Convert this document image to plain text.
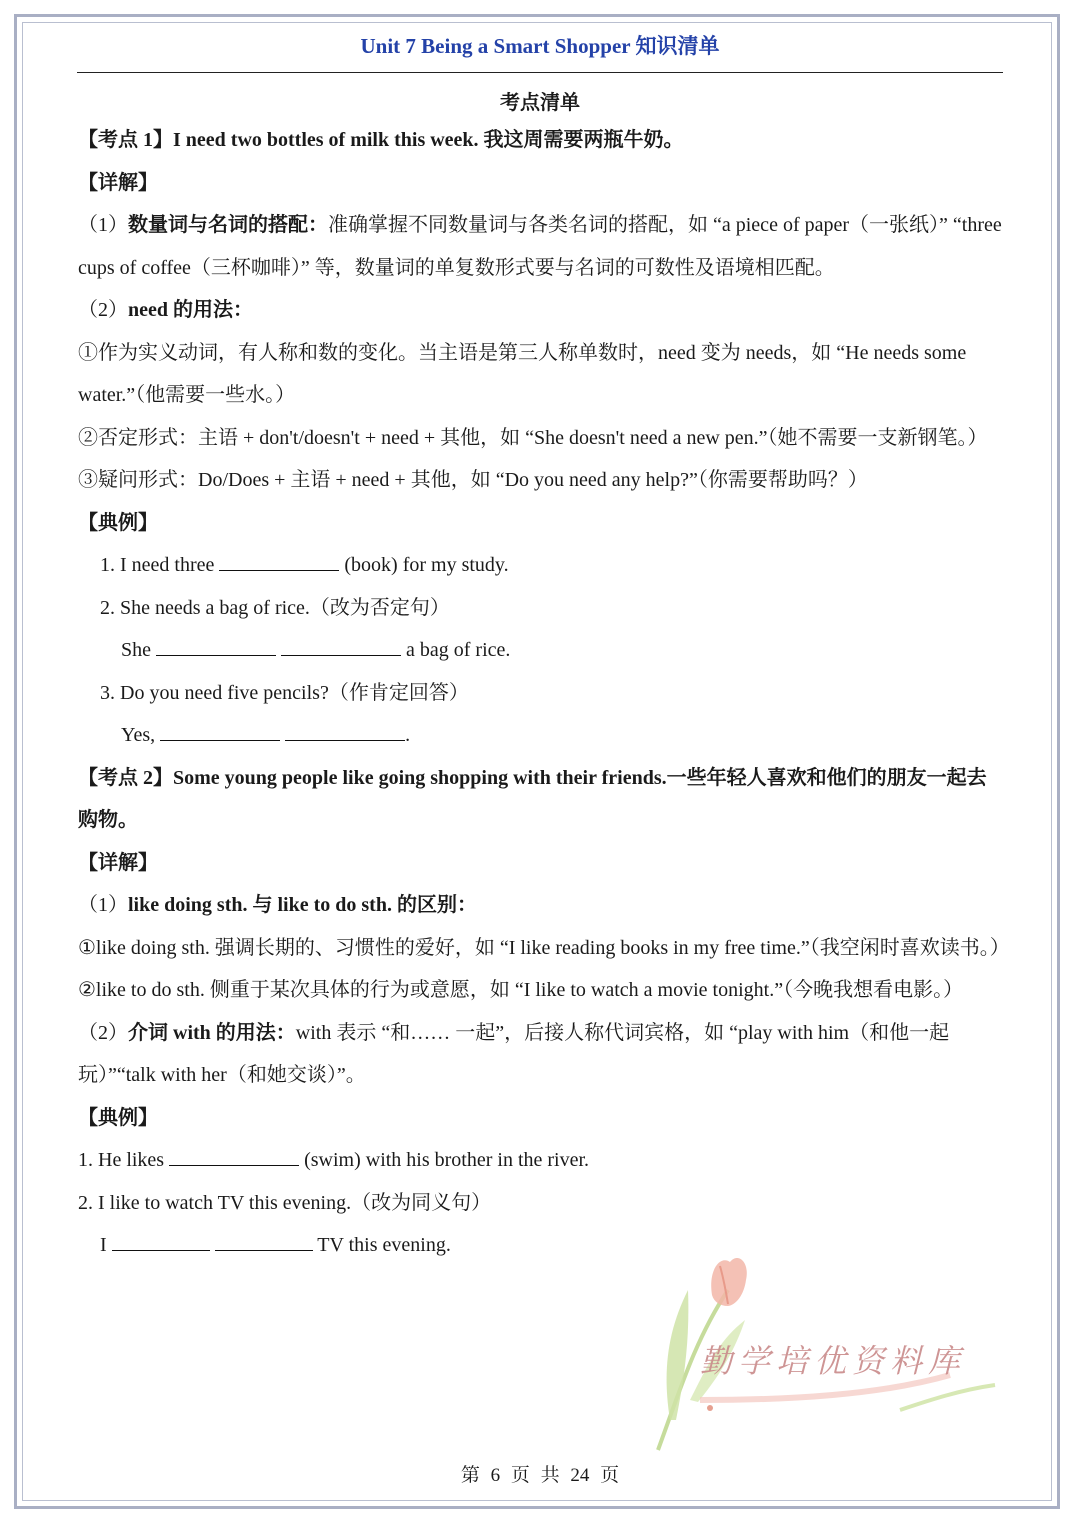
Unit 7 Being a Smart Shopper 知识清单
考点清单

【考点 1】I need two bottles of milk this week. 我这周需要两瓶牛奶。

【详解】

（1）数量词与名词的搭配：准确掌握不同数量词与各类名词的搭配，如 “a piece of paper（一张纸）” “three cups of coffee（三杯咖啡）” 等，数量词的单复数形式要与名词的可数性及语境相匹配。

（2）need 的用法：

①作为实义动词，有人称和数的变化。当主语是第三人称单数时，need 变为 needs，如 “He needs some water.”（他需要一些水。）

②否定形式：主语 + don't/doesn't + need + 其他，如 “She doesn't need a new pen.”（她不需要一支新钢笔。）

③疑问形式：Do/Does + 主语 + need + 其他，如 “Do you need any help?”（你需要帮助吗？）

【典例】

1. I need three	(book) for my study.

2. She needs a bag of rice.（改为否定句）

She	a bag of rice.

3. Do you need five pencils?（作肯定回答）

Yes,	.

【考点 2】Some young people like going shopping with their friends.一些年轻人喜欢和他们的朋友一起去购物。

【详解】

（1）like doing sth. 与 like to do sth. 的区别：

①like doing sth. 强调长期的、习惯性的爱好，如 “I like reading books in my free time.”（我空闲时喜欢读书。）

②like to do sth. 侧重于某次具体的行为或意愿，如 “I like to watch a movie tonight.”（今晚我想看电影。）

（2）介词 with 的用法：with 表示 “和…… 一起”，后接人称代词宾格，如 “play with him（和他一起玩）”“talk with her（和她交谈）”。

【典例】

1. He likes	(swim) with his brother in the river.

2. I like to watch TV this evening.（改为同义句）

I	TV this evening.

勤学培优资料库
第 6 页 共 24 页
